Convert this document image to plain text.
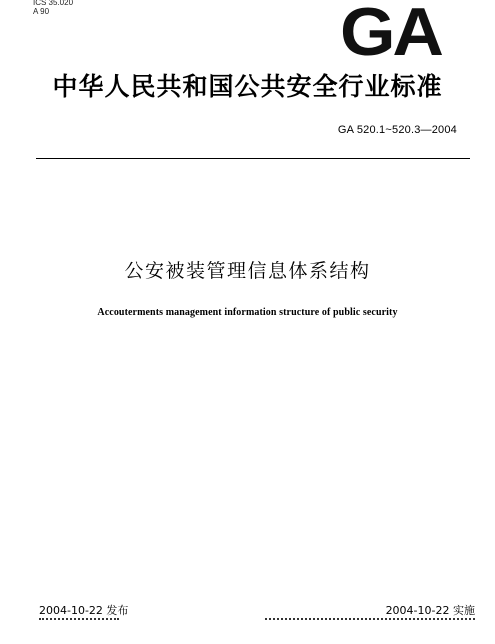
ICS 35.020
A 90	GA
中华人民共和国公共安全行业标准
GA 520.1~520.3—2004
公安被装管理信息体系结构
Accouterments management information structure of public security
2004-10-22 发布	2004-10-22 实施
